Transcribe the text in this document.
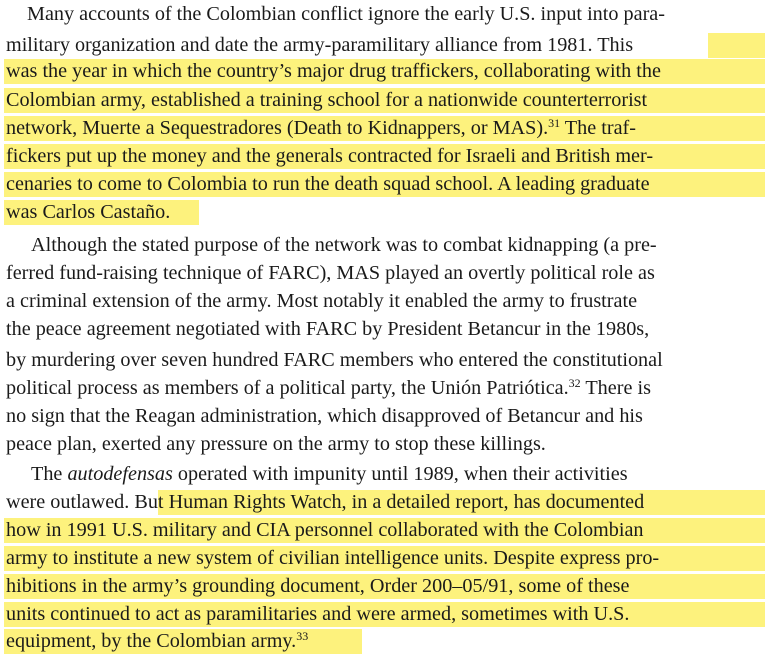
Many accounts of the Colombian conflict ignore the early U.S. input into para-
military organization and date the army-paramilitary alliance from 1981. This
was the year in which the country’s major drug traffickers, collaborating with the
Colombian army, established a training school for a nationwide counterterrorist
network, Muerte a Sequestradores (Death to Kidnappers, or MAS).$^{31}$ The traf-
fickers put up the money and the generals contracted for Israeli and British mer-
cenaries to come to Colombia to run the death squad school. A leading graduate
was Carlos Castaño.
Although the stated purpose of the network was to combat kidnapping (a pre-
ferred fund-raising technique of FARC), MAS played an overtly political role as
a criminal extension of the army. Most notably it enabled the army to frustrate
the peace agreement negotiated with FARC by President Betancur in the 1980s,
by murdering over seven hundred FARC members who entered the constitutional
political process as members of a political party, the Unión Patriótica.$^{32}$ There is
no sign that the Reagan administration, which disapproved of Betancur and his
peace plan, exerted any pressure on the army to stop these killings.
The autodefensas operated with impunity until 1989, when their activities
were outlawed. But Human Rights Watch, in a detailed report, has documented
how in 1991 U.S. military and CIA personnel collaborated with the Colombian
army to institute a new system of civilian intelligence units. Despite express pro-
hibitions in the army’s grounding document, Order 200–05/91, some of these
units continued to act as paramilitaries and were armed, sometimes with U.S.
equipment, by the Colombian army.$^{33}$
